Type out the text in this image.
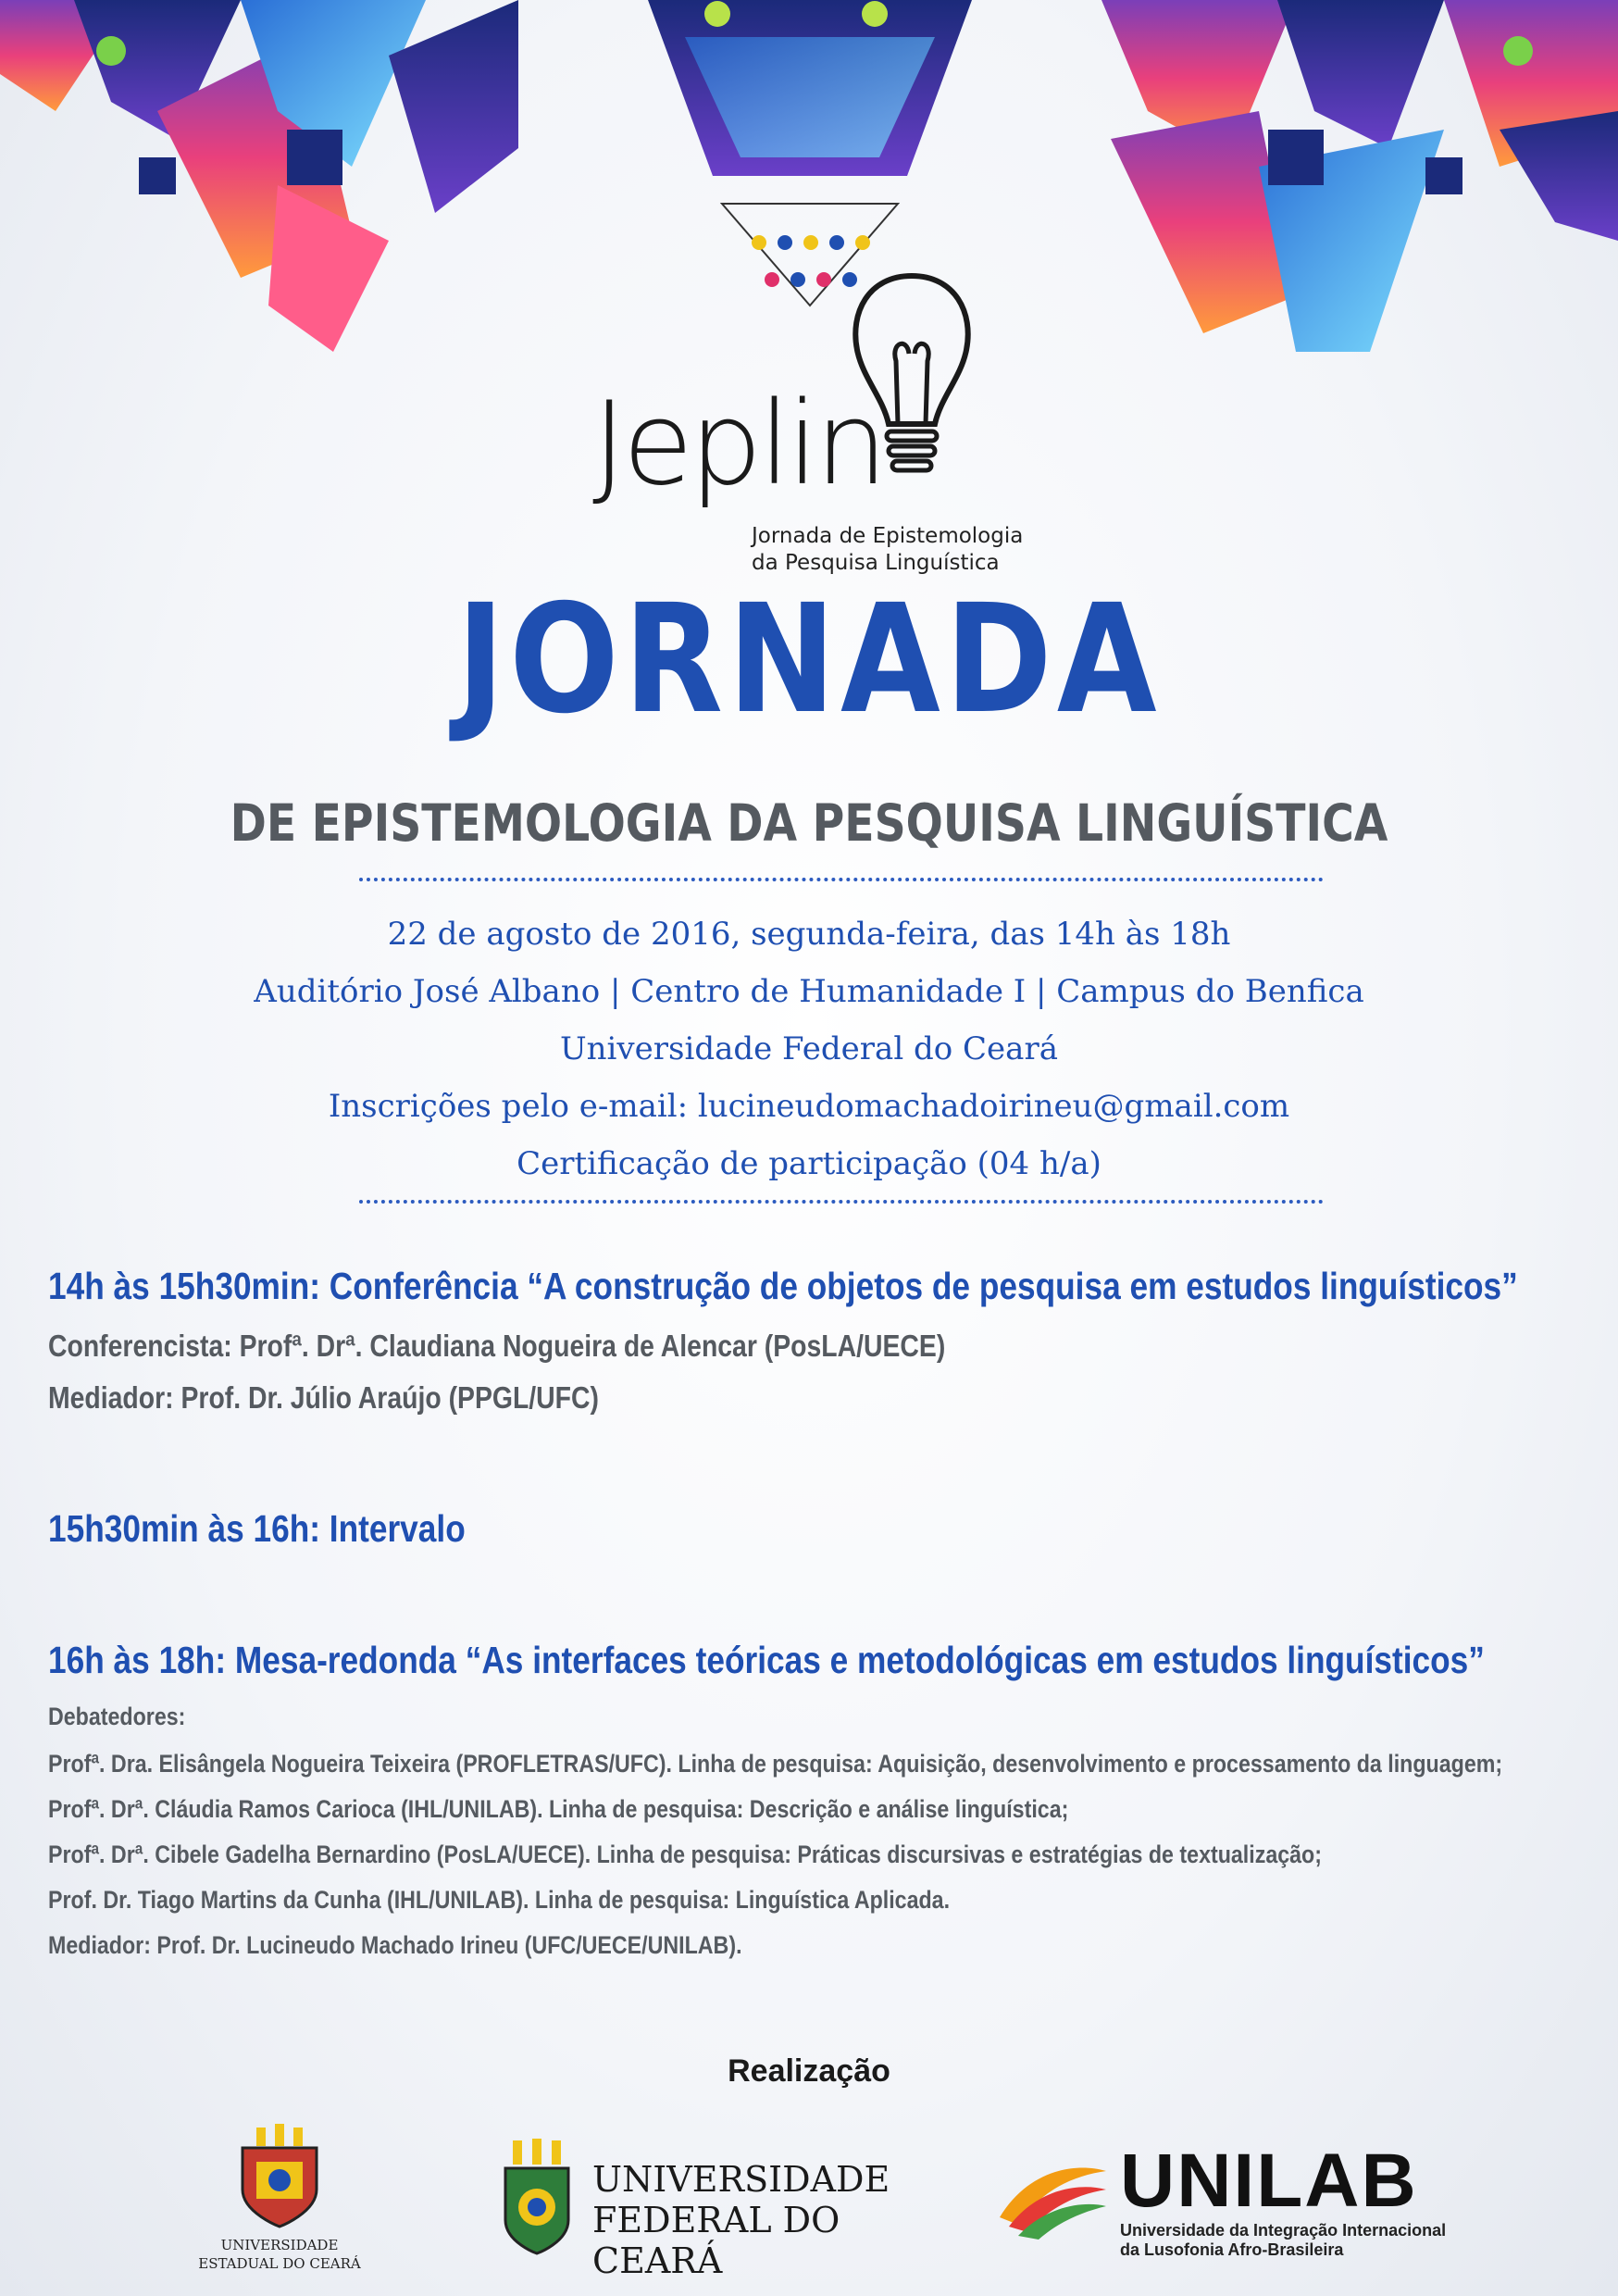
Jeplin
Jornada de Epistemologia
da Pesquisa Linguística
JORNADA
DE EPISTEMOLOGIA DA PESQUISA LINGUÍSTICA
22 de agosto de 2016, segunda-feira, das 14h às 18h
Auditório José Albano | Centro de Humanidade I | Campus do Benfica
Universidade Federal do Ceará
Inscrições pelo e-mail: lucineudomachadoirineu@gmail.com
Certificação de participação (04 h/a)
14h às 15h30min: Conferência “A construção de objetos de pesquisa em estudos linguísticos”
Conferencista: Profª. Drª. Claudiana Nogueira de Alencar (PosLA/UECE)
Mediador: Prof. Dr. Júlio Araújo (PPGL/UFC)
15h30min às 16h: Intervalo
16h às 18h: Mesa-redonda “As interfaces teóricas e metodológicas em estudos linguísticos”
Debatedores:
Profª. Dra. Elisângela Nogueira Teixeira (PROFLETRAS/UFC). Linha de pesquisa: Aquisição, desenvolvimento e processamento da linguagem;
Profª. Drª. Cláudia Ramos Carioca (IHL/UNILAB). Linha de pesquisa: Descrição e análise linguística;
Profª. Drª. Cibele Gadelha Bernardino (PosLA/UECE). Linha de pesquisa: Práticas discursivas e estratégias de textualização;
Prof. Dr. Tiago Martins da Cunha (IHL/UNILAB). Linha de pesquisa: Linguística Aplicada.
Mediador: Prof. Dr. Lucineudo Machado Irineu (UFC/UECE/UNILAB).
Realização
UNIVERSIDADE
ESTADUAL DO CEARÁ
UNIVERSIDADE
FEDERAL DO CEARÁ
UNILAB
Universidade da Integração Internacional
da Lusofonia Afro-Brasileira
